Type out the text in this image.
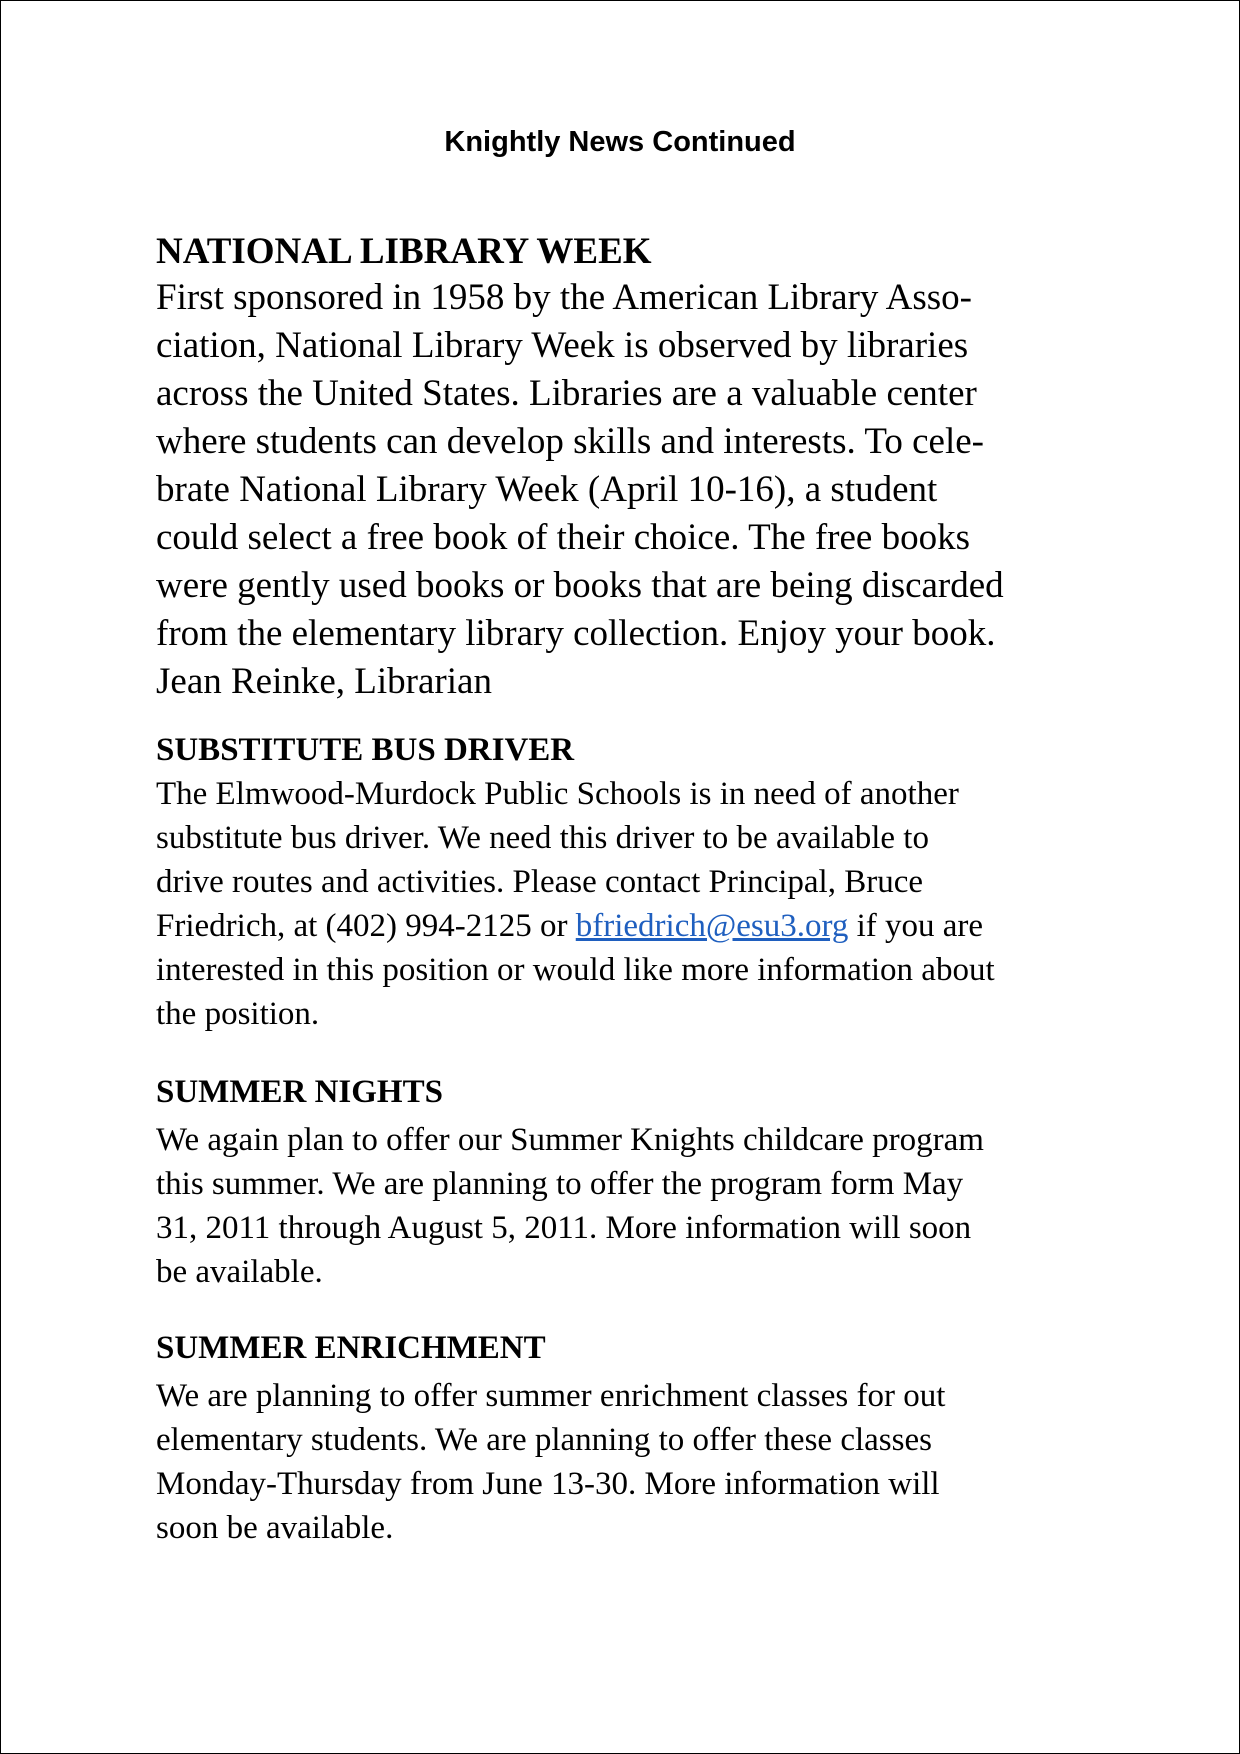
Knightly News Continued

NATIONAL LIBRARY WEEK

First sponsored in 1958 by the American Library Asso-

ciation, National Library Week is observed by libraries

across the United States. Libraries are a valuable center

where students can develop skills and interests. To cele-

brate National Library Week (April 10-16), a student

could select a free book of their choice. The free books

were gently used books or books that are being discarded

from the elementary library collection. Enjoy your book.

Jean Reinke, Librarian

SUBSTITUTE BUS DRIVER

The Elmwood-Murdock Public Schools is in need of another

substitute bus driver. We need this driver to be available to

drive routes and activities. Please contact Principal, Bruce

Friedrich, at (402) 994-2125 or bfriedrich@esu3.org if you are

interested in this position or would like more information about

the position.

SUMMER NIGHTS

We again plan to offer our Summer Knights childcare program

this summer. We are planning to offer the program form May

31, 2011 through August 5, 2011. More information will soon

be available.

SUMMER ENRICHMENT

We are planning to offer summer enrichment classes for out

elementary students. We are planning to offer these classes

Monday-Thursday from June 13-30. More information will

soon be available.
